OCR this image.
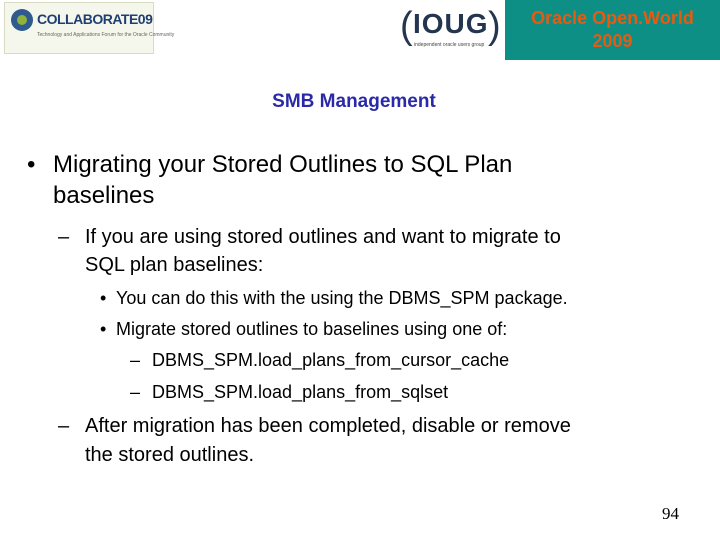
COLLABORATE09
Technology and Applications Forum for the Oracle Community	( IOUG )
independent oracle users group
Oracle Open.World
2009
SMB Management
• Migrating your Stored Outlines to SQL Plan
baselines
– If you are using stored outlines and want to migrate to
SQL plan baselines:
• You can do this with the using the DBMS_SPM package.
• Migrate stored outlines to baselines using one of:
– DBMS_SPM.load_plans_from_cursor_cache
– DBMS_SPM.load_plans_from_sqlset
– After migration has been completed, disable or remove
the stored outlines.
94
